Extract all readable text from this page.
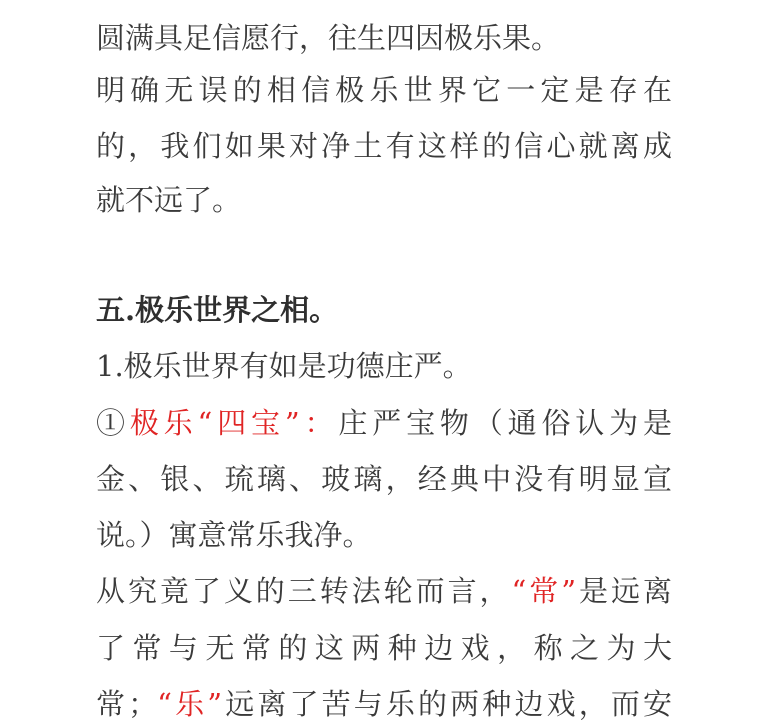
圆满具足信愿行，往生四因极乐果。
明确无误的相信极乐世界它一定是存在
的，我们如果对净土有这样的信心就离成
就不远了。
五.极乐世界之相。
1.极乐世界有如是功德庄严。
①极乐“四宝”：庄严宝物（通俗认为是
金、银、琉璃、玻璃，经典中没有明显宣
说。）寓意常乐我净。
从究竟了义的三转法轮而言，“常”是远离
了常与无常的这两种边戏，称之为大
常；“乐”远离了苦与乐的两种边戏，而安
